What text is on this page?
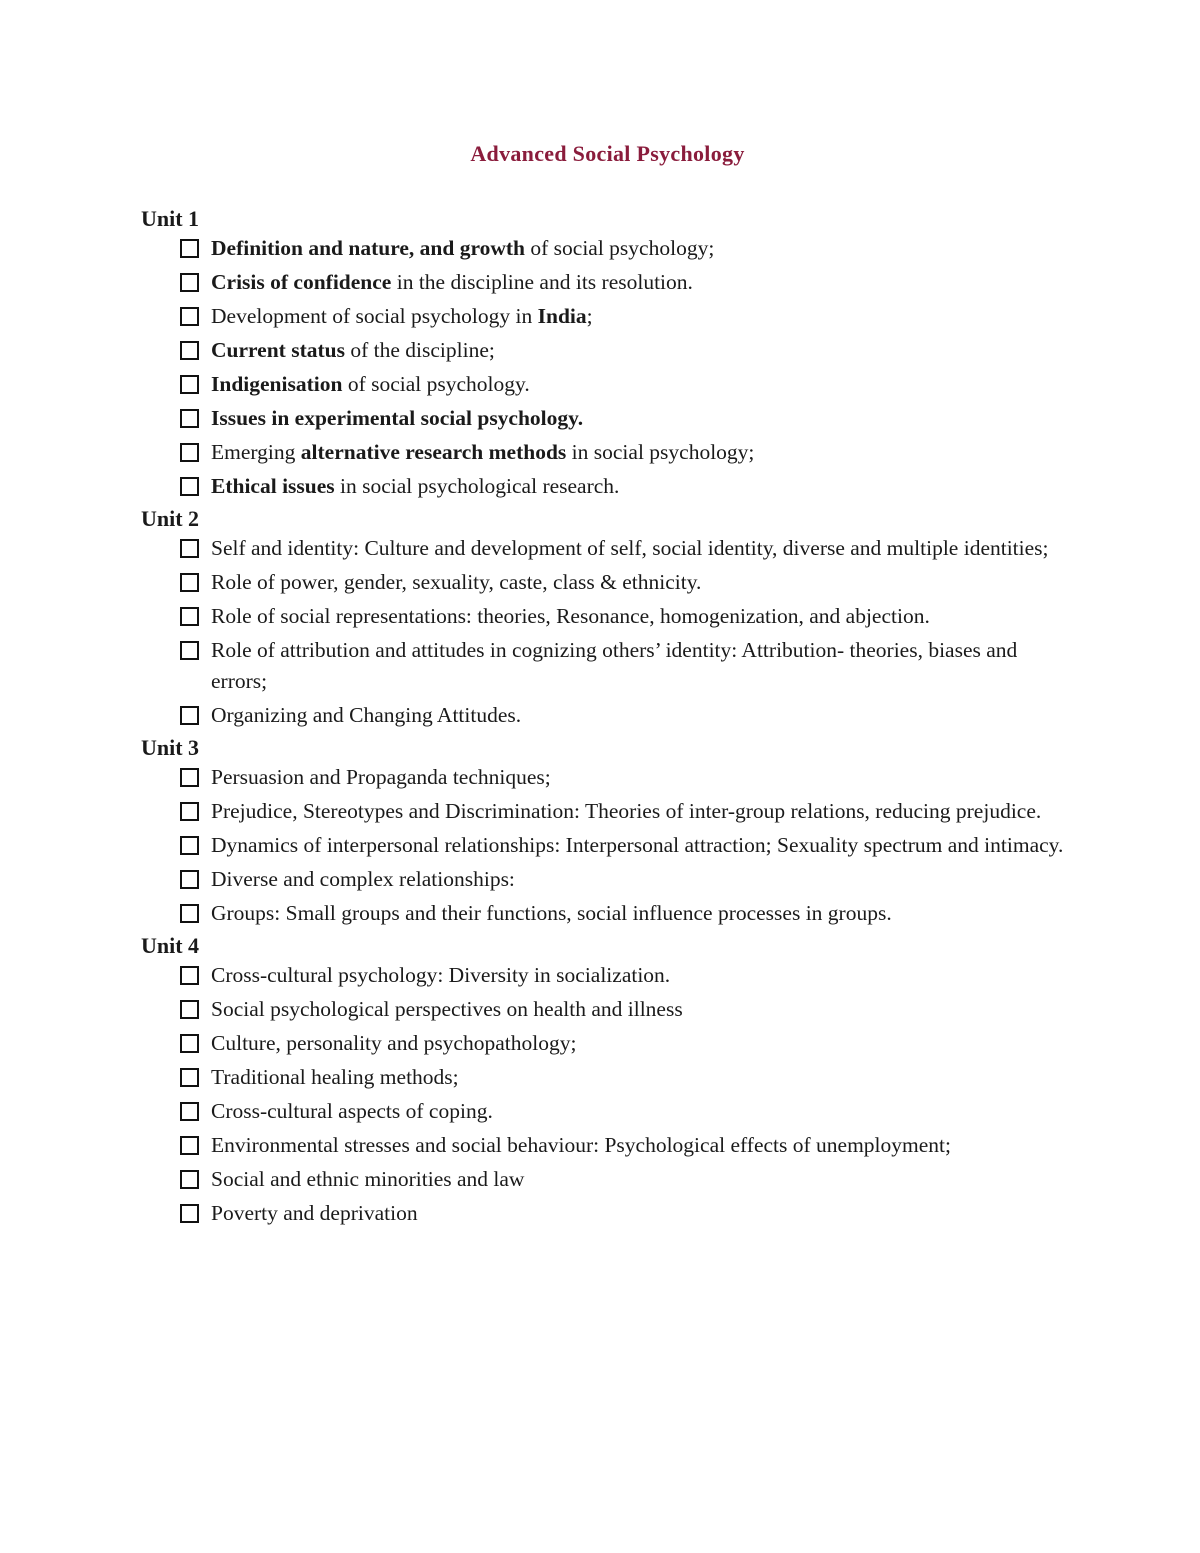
Advanced Social Psychology
Unit 1
Definition and nature, and growth of social psychology;
Crisis of confidence in the discipline and its resolution.
Development of social psychology in India;
Current status of the discipline;
Indigenisation of social psychology.
Issues in experimental social psychology.
Emerging alternative research methods in social psychology;
Ethical issues in social psychological research.
Unit 2
Self and identity: Culture and development of self, social identity, diverse and multiple identities;
Role of power, gender, sexuality, caste, class & ethnicity.
Role of social representations: theories, Resonance, homogenization, and abjection.
Role of attribution and attitudes in cognizing others’ identity: Attribution- theories, biases and errors;
Organizing and Changing Attitudes.
Unit 3
Persuasion and Propaganda techniques;
Prejudice, Stereotypes and Discrimination: Theories of inter-group relations, reducing prejudice.
Dynamics of interpersonal relationships: Interpersonal attraction; Sexuality spectrum and intimacy.
Diverse and complex relationships:
Groups: Small groups and their functions, social influence processes in groups.
Unit 4
Cross-cultural psychology: Diversity in socialization.
Social psychological perspectives on health and illness
Culture, personality and psychopathology;
Traditional healing methods;
Cross-cultural aspects of coping.
Environmental stresses and social behaviour: Psychological effects of unemployment;
Social and ethnic minorities and law
Poverty and deprivation
